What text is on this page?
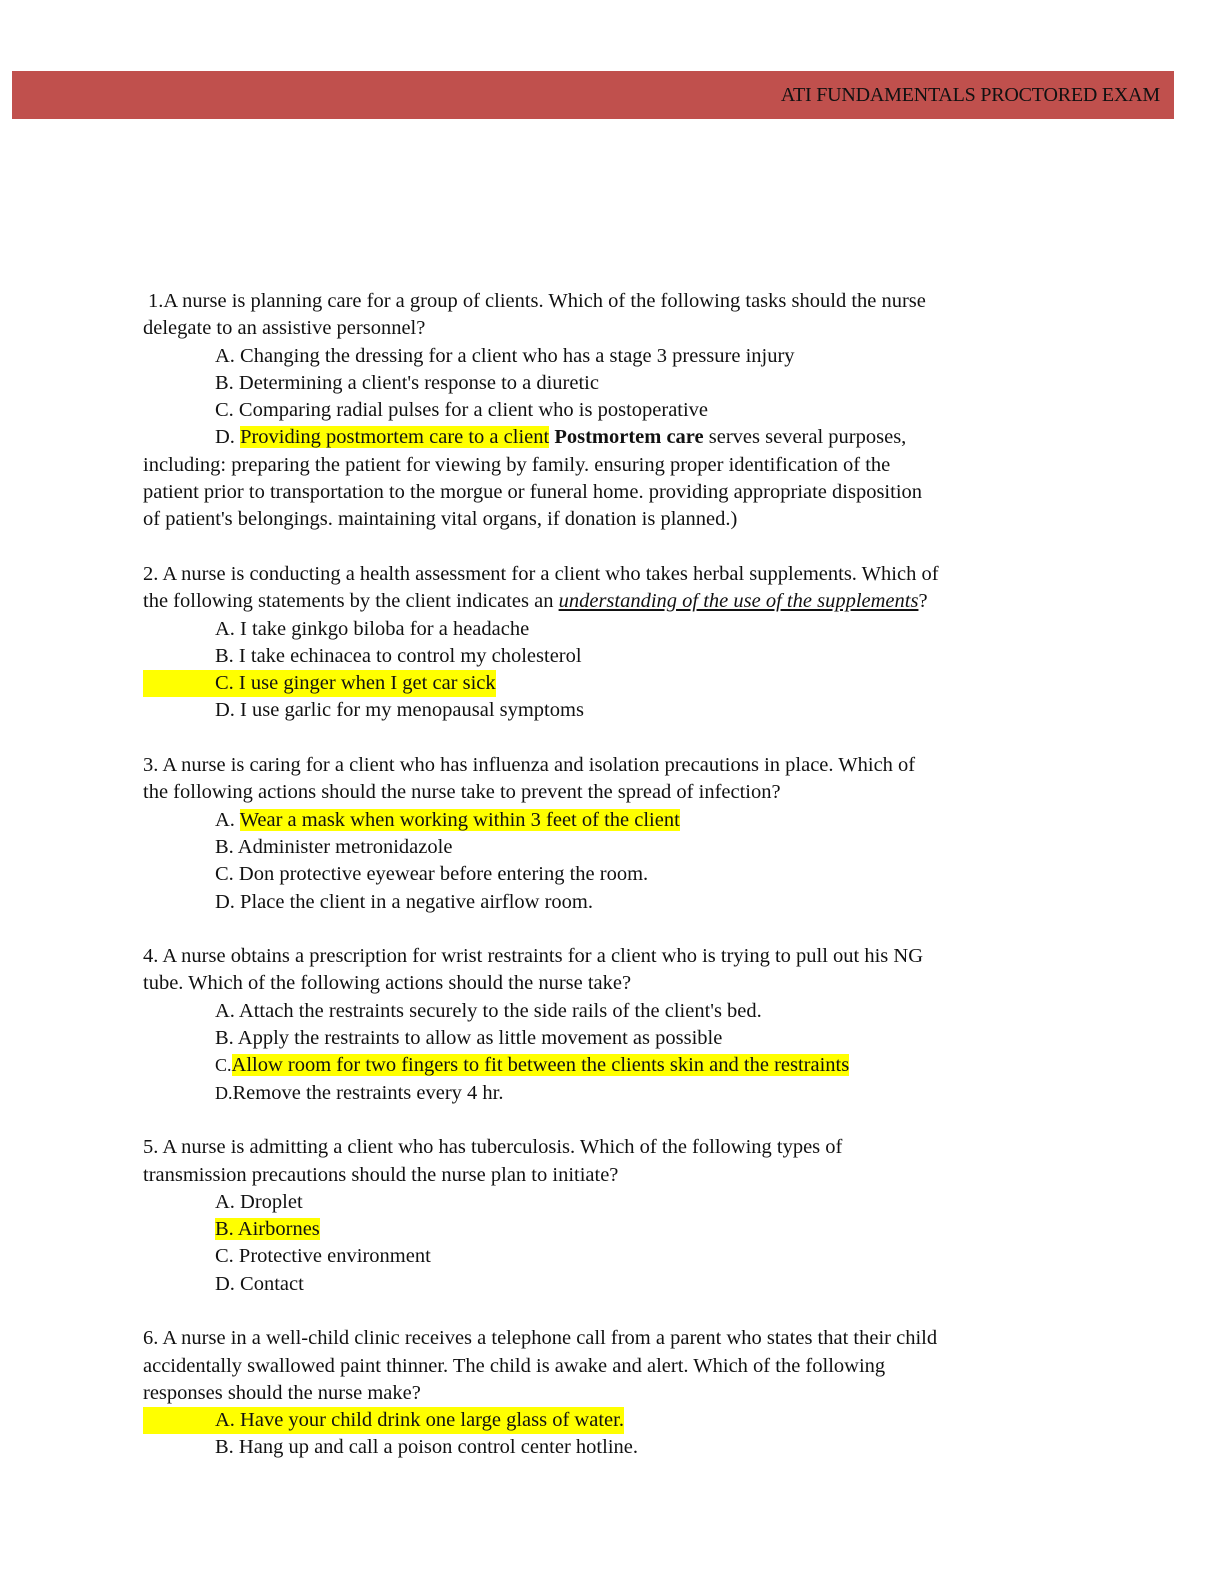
ATI FUNDAMENTALS PROCTORED EXAM
1.A nurse is planning care for a group of clients. Which of the following tasks should the nurse
delegate to an assistive personnel?
A. Changing the dressing for a client who has a stage 3 pressure injury
B. Determining a client's response to a diuretic
C. Comparing radial pulses for a client who is postoperative
D. Providing postmortem care to a client Postmortem care serves several purposes,
including: preparing the patient for viewing by family. ensuring proper identification of the
patient prior to transportation to the morgue or funeral home. providing appropriate disposition
of patient's belongings. maintaining vital organs, if donation is planned.)
2. A nurse is conducting a health assessment for a client who takes herbal supplements. Which of
the following statements by the client indicates an understanding of the use of the supplements?
A. I take ginkgo biloba for a headache
B. I take echinacea to control my cholesterol
C. I use ginger when I get car sick
D. I use garlic for my menopausal symptoms
3. A nurse is caring for a client who has influenza and isolation precautions in place. Which of
the following actions should the nurse take to prevent the spread of infection?
A. Wear a mask when working within 3 feet of the client
B. Administer metronidazole
C. Don protective eyewear before entering the room.
D. Place the client in a negative airflow room.
4. A nurse obtains a prescription for wrist restraints for a client who is trying to pull out his NG
tube. Which of the following actions should the nurse take?
A. Attach the restraints securely to the side rails of the client's bed.
B. Apply the restraints to allow as little movement as possible
C.Allow room for two fingers to fit between the clients skin and the restraints
D.Remove the restraints every 4 hr.
5. A nurse is admitting a client who has tuberculosis. Which of the following types of
transmission precautions should the nurse plan to initiate?
A. Droplet
B. Airbornes
C. Protective environment
D. Contact
6. A nurse in a well-child clinic receives a telephone call from a parent who states that their child
accidentally swallowed paint thinner. The child is awake and alert. Which of the following
responses should the nurse make?
A. Have your child drink one large glass of water.
B. Hang up and call a poison control center hotline.
